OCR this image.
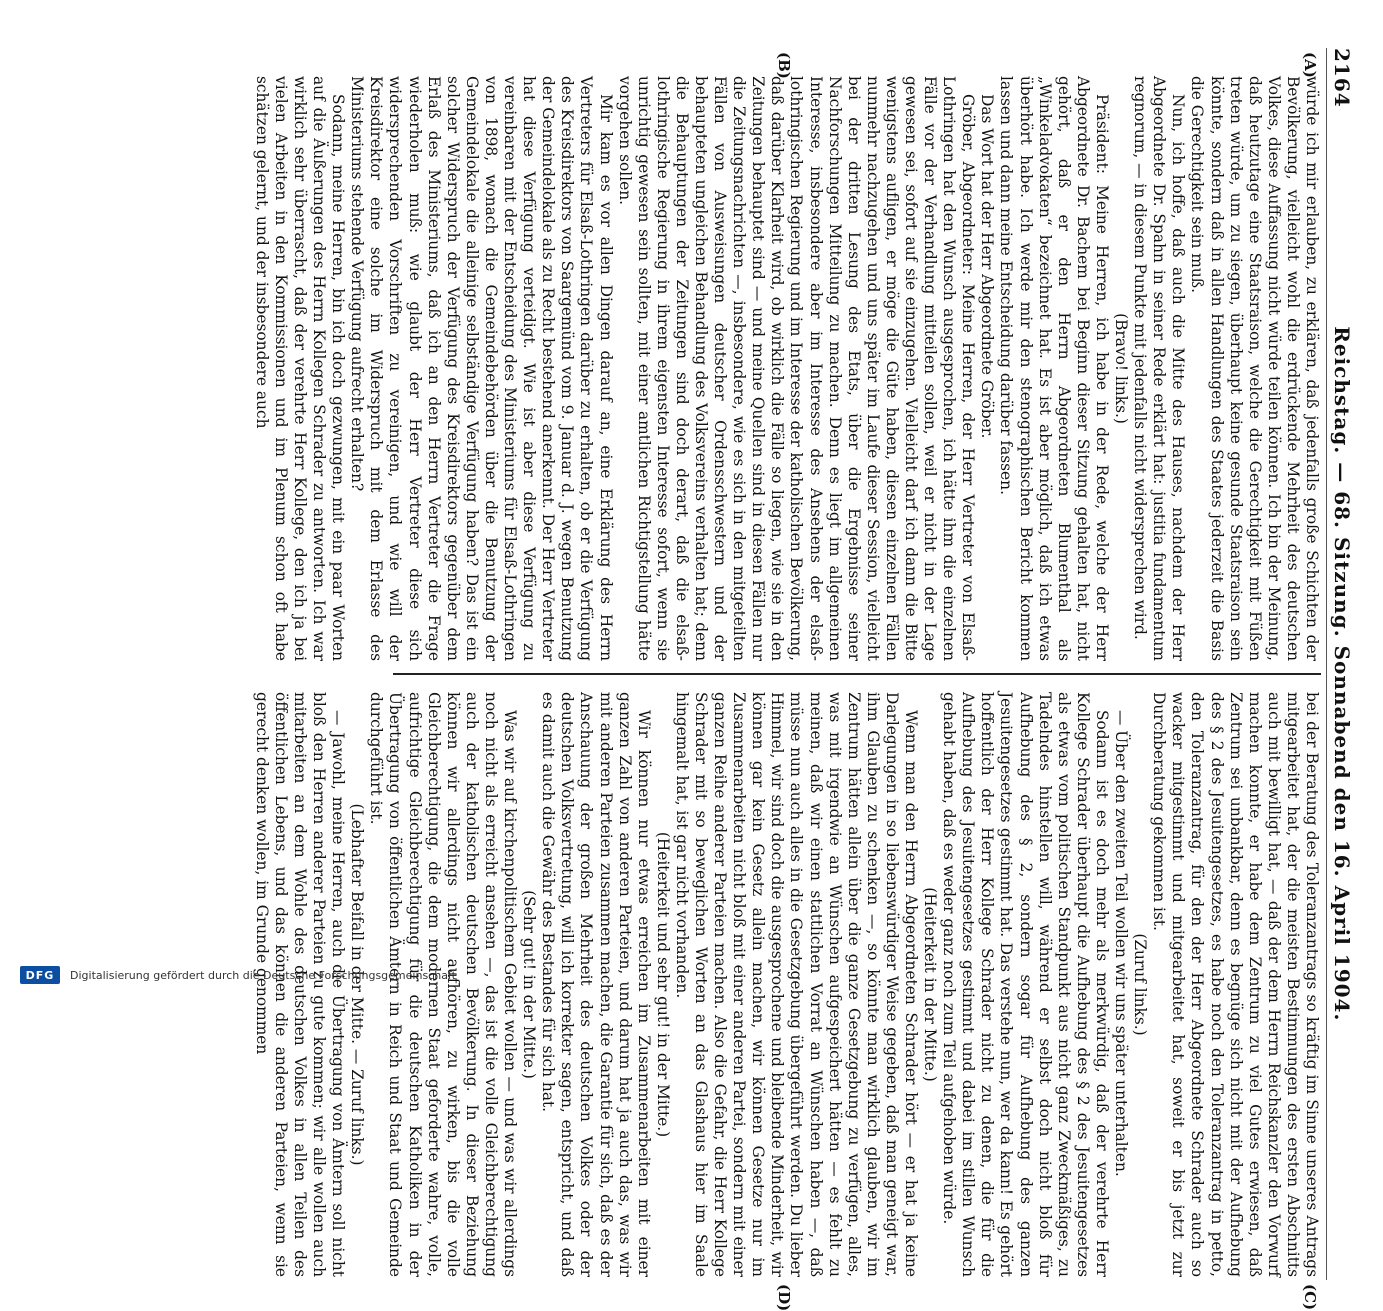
2164
Reichstag. — 68. Sitzung. Sonnabend den 16. April 1904.
(A)
(B)
(C)
(D)

würde ich mir erlauben, zu erklären, daß jedenfalls große Schichten der Bevölkerung, vielleicht wohl die erdrückende Mehrheit des deutschen Volkes, diese Auffassung nicht würde teilen können. Ich bin der Meinung, daß heutzutage eine Staatsraison, welche die Gerechtigkeit mit Füßen treten würde, um zu siegen, überhaupt keine gesunde Staatsraison sein könnte, sondern daß in allen Handlungen des Staates jederzeit die Basis die Gerechtigkeit sein muß.

Nun, ich hoffe, daß auch die Mitte des Hauses, nachdem der Herr Abgeordnete Dr. Spahn in seiner Rede erklärt hat: justitia fundamentum regnorum, — in diesem Punkte mit jedenfalls nicht widersprechen wird.

(Bravo! links.)

Präsident: Meine Herren, ich habe in der Rede, welche der Herr Abgeordnete Dr. Bachem bei Beginn dieser Sitzung gehalten hat, nicht gehört, daß er den Herrn Abgeordneten Blumenthal als „Winkeladvokaten“ bezeichnet hat. Es ist aber möglich, daß ich etwas überhört habe. Ich werde mir den stenographischen Bericht kommen lassen und dann meine Entscheidung darüber fassen.

Das Wort hat der Herr Abgeordnete Gröber.

Gröber, Abgeordneter: Meine Herren, der Herr Vertreter von Elsaß-Lothringen hat den Wunsch ausgesprochen, ich hätte ihm die einzelnen Fälle vor der Verhandlung mitteilen sollen, weil er nicht in der Lage gewesen sei, sofort auf sie einzugehen. Vielleicht darf ich dann die Bitte wenigstens aufligen, er möge die Güte haben, diesen einzelnen Fällen nunmehr nachzugehen und uns später im Laufe dieser Session, vielleicht bei der dritten Lesung des Etats, über die Ergebnisse seiner Nachforschungen Mitteilung zu machen. Denn es liegt im allgemeinen Interesse, insbesondere aber im Interesse des Ansehens der elsaß-lothringischen Regierung und im Interesse der katholischen Bevölkerung, daß darüber Klarheit wird, ob wirklich die Fälle so liegen, wie sie in den Zeitungen behauptet sind — und meine Quellen sind in diesen Fällen nur die Zeitungsnachrichten —, insbesondere, wie es sich in den mitgeteilten Fällen von Ausweisungen deutscher Ordensschwestern und der behaupteten ungleichen Behandlung des Volksvereins verhalten hat; denn die Behauptungen der Zeitungen sind doch derart, daß die elsaß-lothringische Regierung in ihrem eigensten Interesse sofort, wenn sie unrichtig gewesen sein sollten, mit einer amtlichen Richtigstellung hätte vorgehen sollen.

Mir kam es vor allen Dingen darauf an, eine Erklärung des Herrn Vertreters für Elsaß-Lothringen darüber zu erhalten, ob er die Verfügung des Kreisdirektors von Saargemünd vom 9. Januar d. J. wegen Benutzung der Gemeindelokale als zu Recht bestehend anerkennt. Der Herr Vertreter hat diese Verfügung verteidigt. Wie ist aber diese Verfügung zu vereinbaren mit der Entscheidung des Ministeriums für Elsaß-Lothringen von 1898, wonach die Gemeindebehörden über die Benutzung der Gemeindelokale die alleinige selbständige Verfügung haben? Das ist ein solcher Widerspruch der Verfügung des Kreisdirektors gegenüber dem Erlaß des Ministeriums, daß ich an den Herrn Vertreter die Frage wiederholen muß: wie glaubt der Herr Vertreter diese sich widersprechenden Vorschriften zu vereinigen, und wie will der Kreisdirektor eine solche im Widerspruch mit dem Erlasse des Ministeriums stehende Verfügung aufrecht erhalten?

Sodann, meine Herren, bin ich doch gezwungen, mit ein paar Worten auf die Äußerungen des Herrn Kollegen Schrader zu antworten. Ich war wirklich sehr überrascht, daß der verehrte Herr Kollege, den ich ja bei vielen Arbeiten in den Kommissionen und im Plenum schon oft habe schätzen gelernt, und der insbesondere auch

bei der Beratung des Toleranzantrags so kräftig im Sinne unseres Antrags mitgearbeitet hat, der die meisten Bestimmungen des ersten Abschnitts auch mit bewilligt hat, — daß der dem Herrn Reichskanzler den Vorwurf machen konnte, er habe dem Zentrum zu viel Gutes erwiesen, daß Zentrum sei unbankbar, denn es begnüge sich nicht mit der Aufhebung des § 2 des Jesuitengesetzes, es habe noch den Toleranzantrag in petto, den Toleranzantrag, für den der Herr Abgeordnete Schrader auch so wacker mitgestimmt und mitgearbeitet hat, soweit er bis jetzt zur Durchberatung gekommen ist.

(Zuruf links.)

— Über den zweiten Teil wollen wir uns später unterhalten.

Sodann ist es doch mehr als merkwürdig, daß der verehrte Herr Kollege Schrader überhaupt die Aufhebung des § 2 des Jesuitengesetzes als etwas vom politischen Standpunkt aus nicht ganz Zweckmäßiges, zu Tadelndes hinstellen will, während er selbst doch nicht bloß für Aufhebung des § 2, sondern sogar für Aufhebung des ganzen Jesuitengesetzes gestimmt hat. Das verstehe nun, wer da kann! Es gehört hoffentlich der Herr Kollege Schrader nicht zu denen, die für die Aufhebung des Jesuitengesetzes gestimmt und dabei im stillen Wunsch gehabt haben, daß es weder ganz noch zum Teil aufgehoben würde.

(Heiterkeit in der Mitte.)

Wenn man den Herrn Abgeordneten Schrader hört — er hat ja keine Darlegungen in so liebenswürdiger Weise gegeben, daß man geneigt war, ihm Glauben zu schenken —, so könnte man wirklich glauben, wir im Zentrum hätten allein über die ganze Gesetzgebung zu verfügen, alles, was mit irgendwie an Wünschen aufgespeichert hätten — es fehlt zu meinen, daß wir einen stattlichen Vorrat an Wünschen haben —, daß müsse nun auch alles in die Gesetzgebung übergeführt werden. Du lieber Himmel, wir sind doch die ausgesprochene und bleibende Minderheit, wir können gar kein Gesetz allein machen, wir können Gesetze nur im Zusammenarbeiten nicht bloß mit einer anderen Partei, sondern mit einer ganzen Reihe anderer Parteien machen. Also die Gefahr, die Herr Kollege Schrader mit so beweglichen Worten an das Glashaus hier im Saale hingemalt hat, ist gar nicht vorhanden.

(Heiterkeit und sehr gut! in der Mitte.)

Wir können nur etwas erreichen im Zusammenarbeiten mit einer ganzen Zahl von anderen Parteien, und darum hat ja auch das, was wir mit anderen Parteien zusammen machen, die Garantie für sich, daß es der Anschauung der großen Mehrheit des deutschen Volkes oder der deutschen Volksvertretung, will ich korrekter sagen, entspricht, und daß es damit auch die Gewähr des Bestandes für sich hat.

(Sehr gut! in der Mitte.)

Was wir auf kirchenpolitischem Gebiet wollen — und was wir allerdings noch nicht als erreicht ansehen —, das ist die volle Gleichberechtigung auch der katholischen deutschen Bevölkerung. In dieser Beziehung können wir allerdings nicht aufhören, zu wirken, bis die volle Gleichberechtigung, die dem modernen Staat geforderte wahre, volle, aufrichtige Gleichberechtigung für die deutschen Katholiken in der Übertragung von öffentlichen Ämtern in Reich und Staat und Gemeinde durchgeführt ist.

(Lebhafter Beifall in der Mitte. — Zuruf links.)

— Jawohl, meine Herren, auch die Übertragung von Ämtern soll nicht bloß den Herren anderer Parteien zu gute kommen; wir alle wollen auch mitarbeiten an dem Wohle des deutschen Volkes in allen Teilen des öffentlichen Lebens, und das können die anderen Parteien, wenn sie gerecht denken wollen, im Grunde genommen

DFG	Digitalisierung gefördert durch die Deutsche Forschungsgemeinschaft
